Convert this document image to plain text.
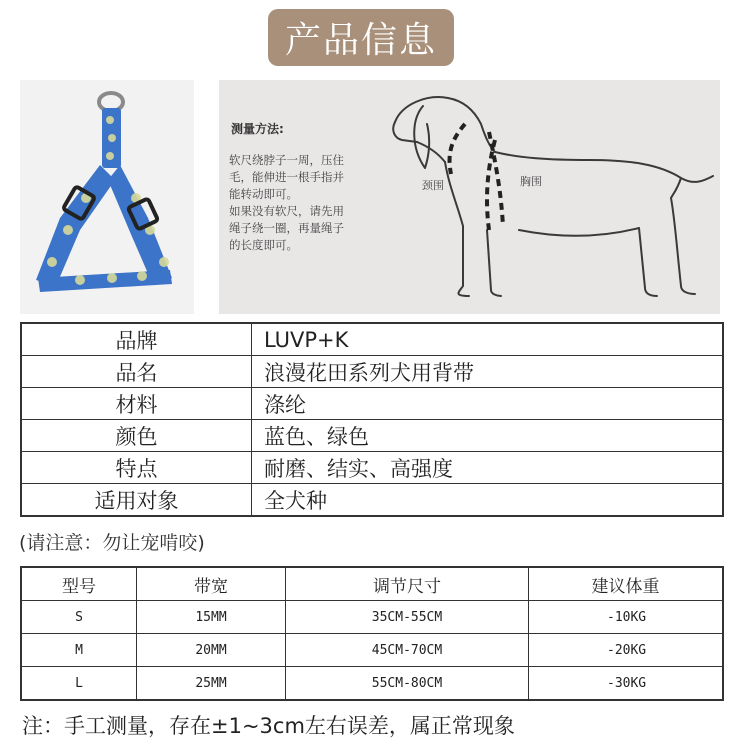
产品信息
测量方法:
软尺绕脖子一周，压住
毛，能伸进一根手指并
能转动即可。
如果没有软尺，请先用
绳子绕一圈，再量绳子
的长度即可。
颈围	胸围
品牌	LUVP+K
品名	浪漫花田系列犬用背带
材料	涤纶
颜色	蓝色、绿色
特点	耐磨、结实、高强度
适用对象	全犬种
(请注意：勿让宠啃咬)
型号	带宽	调节尺寸	建议体重
S	15MM	35CM-55CM	-10KG
M	20MM	45CM-70CM	-20KG
L	25MM	55CM-80CM	-30KG
注：手工测量，存在±1~3cm左右误差，属正常现象
